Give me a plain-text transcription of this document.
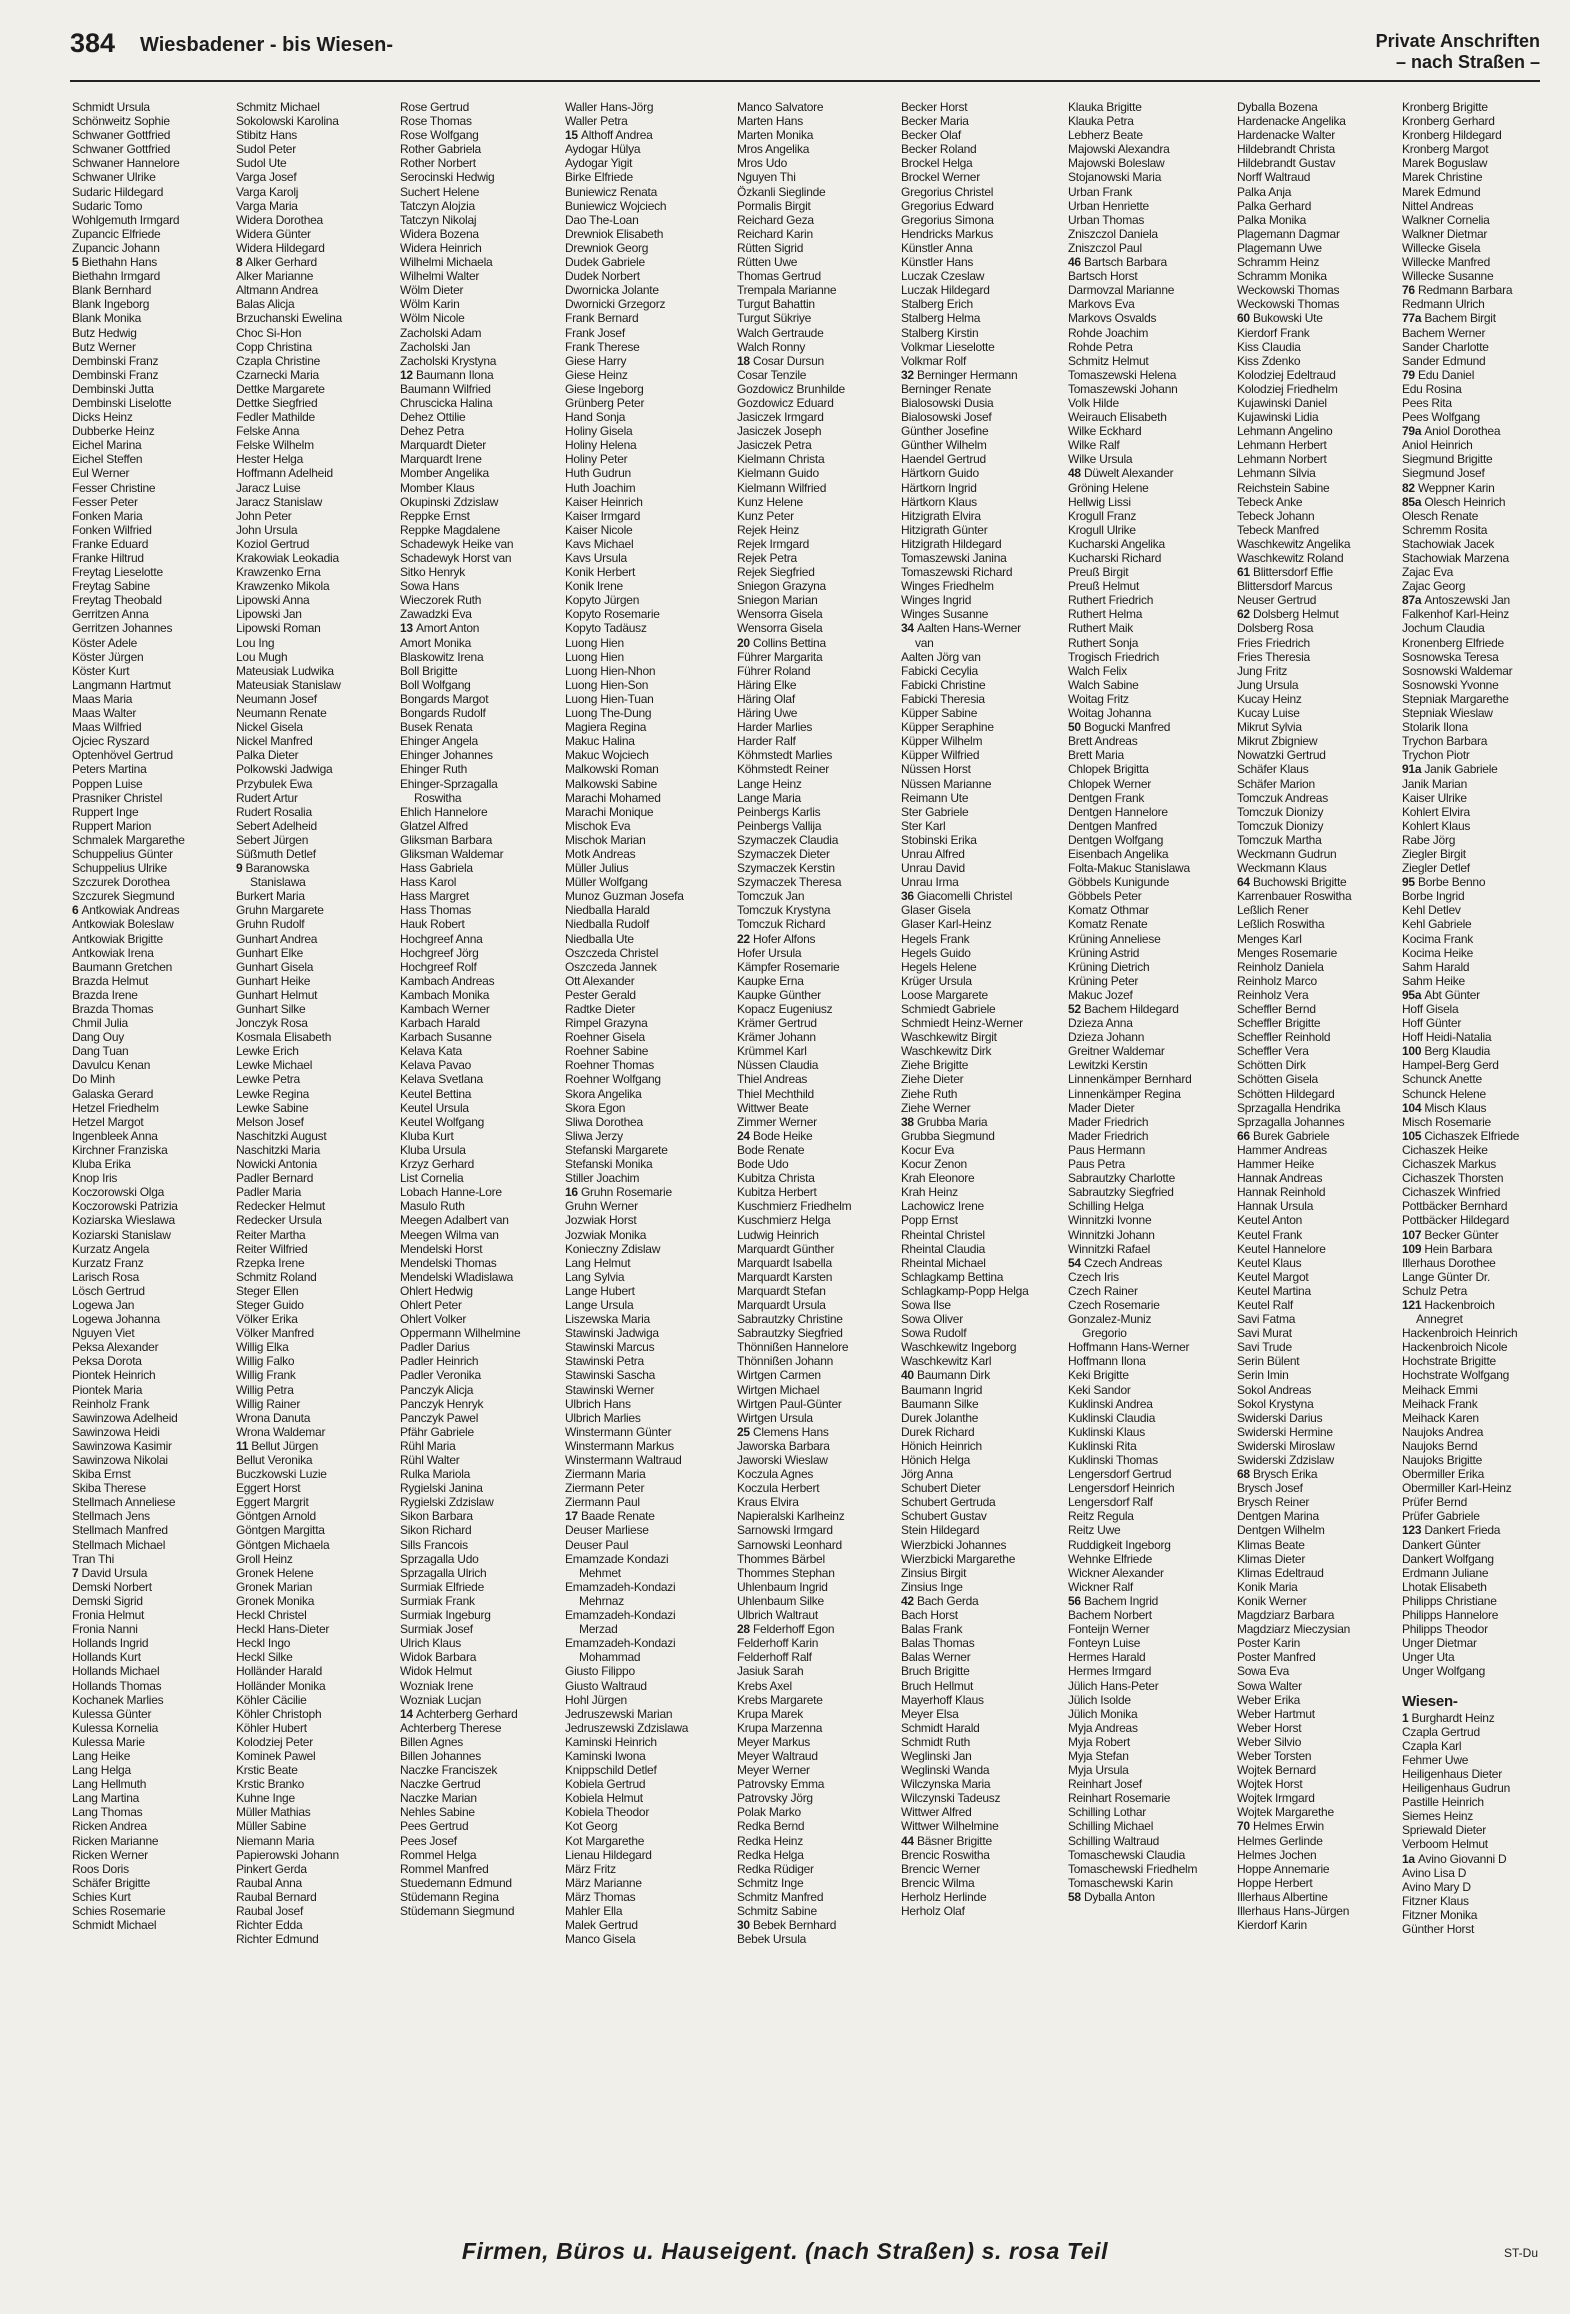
384 Wiesbadener - bis Wiesen-	Private Anschriften
– nach Straßen –
Schmidt Ursula
Schönweitz Sophie
Schwaner Gottfried
Schwaner Gottfried
Schwaner Hannelore
Schwaner Ulrike
Sudaric Hildegard
Sudaric Tomo
Wohlgemuth Irmgard
Zupancic Elfriede
Zupancic Johann
5 Biethahn Hans
Biethahn Irmgard
Blank Bernhard
Blank Ingeborg
Blank Monika
Butz Hedwig
Butz Werner
Dembinski Franz
Dembinski Franz
Dembinski Jutta
Dembinski Liselotte
Dicks Heinz
Dubberke Heinz
Eichel Marina
Eichel Steffen
Eul Werner
Fesser Christine
Fesser Peter
Fonken Maria
Fonken Wilfried
Franke Eduard
Franke Hiltrud
Freytag Lieselotte
Freytag Sabine
Freytag Theobald
Gerritzen Anna
Gerritzen Johannes
Köster Adele
Köster Jürgen
Köster Kurt
Langmann Hartmut
Maas Maria
Maas Walter
Maas Wilfried
Ojciec Ryszard
Optenhövel Gertrud
Peters Martina
Poppen Luise
Prasniker Christel
Ruppert Inge
Ruppert Marion
Schmalek Margarethe
Schuppelius Günter
Schuppelius Ulrike
Szczurek Dorothea
Szczurek Siegmund
6 Antkowiak Andreas
Antkowiak Boleslaw
Antkowiak Brigitte
Antkowiak Irena
Baumann Gretchen
Brazda Helmut
Brazda Irene
Brazda Thomas
Chmil Julia
Dang Ouy
Dang Tuan
Davulcu Kenan
Do Minh
Galaska Gerard
Hetzel Friedhelm
Hetzel Margot
Ingenbleek Anna
Kirchner Franziska
Kluba Erika
Knop Iris
Koczorowski Olga
Koczorowski Patrizia
Koziarska Wieslawa
Koziarski Stanislaw
Kurzatz Angela
Kurzatz Franz
Larisch Rosa
Lösch Gertrud
Logewa Jan
Logewa Johanna
Nguyen Viet
Peksa Alexander
Peksa Dorota
Piontek Heinrich
Piontek Maria
Reinholz Frank
Sawinzowa Adelheid
Sawinzowa Heidi
Sawinzowa Kasimir
Sawinzowa Nikolai
Skiba Ernst
Skiba Therese
Stellmach Anneliese
Stellmach Jens
Stellmach Manfred
Stellmach Michael
Tran Thi
7 David Ursula
Demski Norbert
Demski Sigrid
Fronia Helmut
Fronia Nanni
Hollands Ingrid
Hollands Kurt
Hollands Michael
Hollands Thomas
Kochanek Marlies
Kulessa Günter
Kulessa Kornelia
Kulessa Marie
Lang Heike
Lang Helga
Lang Hellmuth
Lang Martina
Lang Thomas
Ricken Andrea
Ricken Marianne
Ricken Werner
Roos Doris
Schäfer Brigitte
Schies Kurt
Schies Rosemarie
Schmidt Michael
Schmitz Michael
Sokolowski Karolina
Stibitz Hans
Sudol Peter
Sudol Ute
Varga Josef
Varga Karolj
Varga Maria
Widera Dorothea
Widera Günter
Widera Hildegard
8 Alker Gerhard
Alker Marianne
Altmann Andrea
Balas Alicja
Brzuchanski Ewelina
Choc Si-Hon
Copp Christina
Czapla Christine
Czarnecki Maria
Dettke Margarete
Dettke Siegfried
Fedler Mathilde
Felske Anna
Felske Wilhelm
Hester Helga
Hoffmann Adelheid
Jaracz Luise
Jaracz Stanislaw
John Peter
John Ursula
Koziol Gertrud
Krakowiak Leokadia
Krawzenko Erna
Krawzenko Mikola
Lipowski Anna
Lipowski Jan
Lipowski Roman
Lou Ing
Lou Mugh
Mateusiak Ludwika
Mateusiak Stanislaw
Neumann Josef
Neumann Renate
Nickel Gisela
Nickel Manfred
Palka Dieter
Polkowski Jadwiga
Przybulek Ewa
Rudert Artur
Rudert Rosalia
Sebert Adelheid
Sebert Jürgen
Süßmuth Detlef
9 Baranowska
Stanislawa
Burkert Maria
Gruhn Margarete
Gruhn Rudolf
Gunhart Andrea
Gunhart Elke
Gunhart Gisela
Gunhart Heike
Gunhart Helmut
Gunhart Silke
Jonczyk Rosa
Kosmala Elisabeth
Lewke Erich
Lewke Michael
Lewke Petra
Lewke Regina
Lewke Sabine
Melson Josef
Naschitzki August
Naschitzki Maria
Nowicki Antonia
Padler Bernard
Padler Maria
Redecker Helmut
Redecker Ursula
Reiter Martha
Reiter Wilfried
Rzepka Irene
Schmitz Roland
Steger Ellen
Steger Guido
Völker Erika
Völker Manfred
Willig Elka
Willig Falko
Willig Frank
Willig Petra
Willig Rainer
Wrona Danuta
Wrona Waldemar
11 Bellut Jürgen
Bellut Veronika
Buczkowski Luzie
Eggert Horst
Eggert Margrit
Göntgen Arnold
Göntgen Margitta
Göntgen Michaela
Groll Heinz
Gronek Helene
Gronek Marian
Gronek Monika
Heckl Christel
Heckl Hans-Dieter
Heckl Ingo
Heckl Silke
Holländer Harald
Holländer Monika
Köhler Cäcilie
Köhler Christoph
Köhler Hubert
Kolodziej Peter
Kominek Pawel
Krstic Beate
Krstic Branko
Kuhne Inge
Müller Mathias
Müller Sabine
Niemann Maria
Papierowski Johann
Pinkert Gerda
Raubal Anna
Raubal Bernard
Raubal Josef
Richter Edda
Richter Edmund
Rose Gertrud
Rose Thomas
Rose Wolfgang
Rother Gabriela
Rother Norbert
Serocinski Hedwig
Suchert Helene
Tatczyn Alojzia
Tatczyn Nikolaj
Widera Bozena
Widera Heinrich
Wilhelmi Michaela
Wilhelmi Walter
Wölm Dieter
Wölm Karin
Wölm Nicole
Zacholski Adam
Zacholski Jan
Zacholski Krystyna
12 Baumann Ilona
Baumann Wilfried
Chruscicka Halina
Dehez Ottilie
Dehez Petra
Marquardt Dieter
Marquardt Irene
Momber Angelika
Momber Klaus
Okupinski Zdzislaw
Reppke Ernst
Reppke Magdalene
Schadewyk Heike van
Schadewyk Horst van
Sitko Henryk
Sowa Hans
Wieczorek Ruth
Zawadzki Eva
13 Amort Anton
Amort Monika
Blaskowitz Irena
Boll Brigitte
Boll Wolfgang
Bongards Margot
Bongards Rudolf
Busek Renata
Ehinger Angela
Ehinger Johannes
Ehinger Ruth
Ehinger-Sprzagalla
Roswitha
Ehlich Hannelore
Glatzel Alfred
Gliksman Barbara
Gliksman Waldemar
Hass Gabriela
Hass Karol
Hass Margret
Hass Thomas
Hauk Robert
Hochgreef Anna
Hochgreef Jörg
Hochgreef Rolf
Kambach Andreas
Kambach Monika
Kambach Werner
Karbach Harald
Karbach Susanne
Kelava Kata
Kelava Pavao
Kelava Svetlana
Keutel Bettina
Keutel Ursula
Keutel Wolfgang
Kluba Kurt
Kluba Ursula
Krzyz Gerhard
List Cornelia
Lobach Hanne-Lore
Masulo Ruth
Meegen Adalbert van
Meegen Wilma van
Mendelski Horst
Mendelski Thomas
Mendelski Wladislawa
Ohlert Hedwig
Ohlert Peter
Ohlert Volker
Oppermann Wilhelmine
Padler Darius
Padler Heinrich
Padler Veronika
Panczyk Alicja
Panczyk Henryk
Panczyk Pawel
Pfähr Gabriele
Rühl Maria
Rühl Walter
Rulka Mariola
Rygielski Janina
Rygielski Zdzislaw
Sikon Barbara
Sikon Richard
Sills Francois
Sprzagalla Udo
Sprzagalla Ulrich
Surmiak Elfriede
Surmiak Frank
Surmiak Ingeburg
Surmiak Josef
Ulrich Klaus
Widok Barbara
Widok Helmut
Wozniak Irene
Wozniak Lucjan
14 Achterberg Gerhard
Achterberg Therese
Billen Agnes
Billen Johannes
Naczke Franciszek
Naczke Gertrud
Naczke Marian
Nehles Sabine
Pees Gertrud
Pees Josef
Rommel Helga
Rommel Manfred
Stuedemann Edmund
Stüdemann Regina
Stüdemann Siegmund
Waller Hans-Jörg
Waller Petra
15 Althoff Andrea
Aydogar Hülya
Aydogar Yigit
Birke Elfriede
Buniewicz Renata
Buniewicz Wojciech
Dao The-Loan
Drewniok Elisabeth
Drewniok Georg
Dudek Gabriele
Dudek Norbert
Dwornicka Jolante
Dwornicki Grzegorz
Frank Bernard
Frank Josef
Frank Therese
Giese Harry
Giese Heinz
Giese Ingeborg
Grünberg Peter
Hand Sonja
Holiny Gisela
Holiny Helena
Holiny Peter
Huth Gudrun
Huth Joachim
Kaiser Heinrich
Kaiser Irmgard
Kaiser Nicole
Kavs Michael
Kavs Ursula
Konik Herbert
Konik Irene
Kopyto Jürgen
Kopyto Rosemarie
Kopyto Tadäusz
Luong Hien
Luong Hien
Luong Hien-Nhon
Luong Hien-Son
Luong Hien-Tuan
Luong The-Dung
Magiera Regina
Makuc Halina
Makuc Wojciech
Malkowski Roman
Malkowski Sabine
Marachi Mohamed
Marachi Monique
Mischok Eva
Mischok Marian
Motk Andreas
Müller Julius
Müller Wolfgang
Munoz Guzman Josefa
Niedballa Harald
Niedballa Rudolf
Niedballa Ute
Oszczeda Christel
Oszczeda Jannek
Ott Alexander
Pester Gerald
Radtke Dieter
Rimpel Grazyna
Roehner Gisela
Roehner Sabine
Roehner Thomas
Roehner Wolfgang
Skora Angelika
Skora Egon
Sliwa Dorothea
Sliwa Jerzy
Stefanski Margarete
Stefanski Monika
Stiller Joachim
16 Gruhn Rosemarie
Gruhn Werner
Jozwiak Horst
Jozwiak Monika
Konieczny Zdislaw
Lang Helmut
Lang Sylvia
Lange Hubert
Lange Ursula
Liszewska Maria
Stawinski Jadwiga
Stawinski Marcus
Stawinski Petra
Stawinski Sascha
Stawinski Werner
Ulbrich Hans
Ulbrich Marlies
Winstermann Günter
Winstermann Markus
Winstermann Waltraud
Ziermann Maria
Ziermann Peter
Ziermann Paul
17 Baade Renate
Deuser Marliese
Deuser Paul
Emamzade Kondazi
Mehmet
Emamzadeh-Kondazi
Mehrnaz
Emamzadeh-Kondazi
Merzad
Emamzadeh-Kondazi
Mohammad
Giusto Filippo
Giusto Waltraud
Hohl Jürgen
Jedruszewski Marian
Jedruszewski Zdzislawa
Kaminski Heinrich
Kaminski Iwona
Knippschild Detlef
Kobiela Gertrud
Kobiela Helmut
Kobiela Theodor
Kot Georg
Kot Margarethe
Lienau Hildegard
März Fritz
März Marianne
März Thomas
Mahler Ella
Malek Gertrud
Manco Gisela
Manco Salvatore
Marten Hans
Marten Monika
Mros Angelika
Mros Udo
Nguyen Thi
Özkanli Sieglinde
Pormalis Birgit
Reichard Geza
Reichard Karin
Rütten Sigrid
Rütten Uwe
Thomas Gertrud
Trempala Marianne
Turgut Bahattin
Turgut Sükriye
Walch Gertraude
Walch Ronny
18 Cosar Dursun
Cosar Tenzile
Gozdowicz Brunhilde
Gozdowicz Eduard
Jasiczek Irmgard
Jasiczek Joseph
Jasiczek Petra
Kielmann Christa
Kielmann Guido
Kielmann Wilfried
Kunz Helene
Kunz Peter
Rejek Heinz
Rejek Irmgard
Rejek Petra
Rejek Siegfried
Sniegon Grazyna
Sniegon Marian
Wensorra Gisela
Wensorra Gisela
20 Collins Bettina
Führer Margarita
Führer Roland
Häring Elke
Häring Olaf
Häring Uwe
Harder Marlies
Harder Ralf
Köhmstedt Marlies
Köhmstedt Reiner
Lange Heinz
Lange Maria
Peinbergs Karlis
Peinbergs Vallija
Szymaczek Claudia
Szymaczek Dieter
Szymaczek Kerstin
Szymaczek Theresa
Tomczuk Jan
Tomczuk Krystyna
Tomczuk Richard
22 Hofer Alfons
Hofer Ursula
Kämpfer Rosemarie
Kaupke Erna
Kaupke Günther
Kopacz Eugeniusz
Krämer Gertrud
Krämer Johann
Krümmel Karl
Nüssen Claudia
Thiel Andreas
Thiel Mechthild
Wittwer Beate
Zimmer Werner
24 Bode Heike
Bode Renate
Bode Udo
Kubitza Christa
Kubitza Herbert
Kuschmierz Friedhelm
Kuschmierz Helga
Ludwig Heinrich
Marquardt Günther
Marquardt Isabella
Marquardt Karsten
Marquardt Stefan
Marquardt Ursula
Sabrautzky Christine
Sabrautzky Siegfried
Thönnißen Hannelore
Thönnißen Johann
Wirtgen Carmen
Wirtgen Michael
Wirtgen Paul-Günter
Wirtgen Ursula
25 Clemens Hans
Jaworska Barbara
Jaworski Wieslaw
Koczula Agnes
Koczula Herbert
Kraus Elvira
Napieralski Karlheinz
Sarnowski Irmgard
Sarnowski Leonhard
Thommes Bärbel
Thommes Stephan
Uhlenbaum Ingrid
Uhlenbaum Silke
Ulbrich Waltraut
28 Felderhoff Egon
Felderhoff Karin
Felderhoff Ralf
Jasiuk Sarah
Krebs Axel
Krebs Margarete
Krupa Marek
Krupa Marzenna
Meyer Markus
Meyer Waltraud
Meyer Werner
Patrovsky Emma
Patrovsky Jörg
Polak Marko
Redka Bernd
Redka Heinz
Redka Helga
Redka Rüdiger
Schmitz Inge
Schmitz Manfred
Schmitz Sabine
30 Bebek Bernhard
Bebek Ursula
Becker Horst
Becker Maria
Becker Olaf
Becker Roland
Brockel Helga
Brockel Werner
Gregorius Christel
Gregorius Edward
Gregorius Simona
Hendricks Markus
Künstler Anna
Künstler Hans
Luczak Czeslaw
Luczak Hildegard
Stalberg Erich
Stalberg Helma
Stalberg Kirstin
Volkmar Lieselotte
Volkmar Rolf
32 Berninger Hermann
Berninger Renate
Bialosowski Dusia
Bialosowski Josef
Günther Josefine
Günther Wilhelm
Haendel Gertrud
Härtkorn Guido
Härtkorn Ingrid
Härtkorn Klaus
Hitzigrath Elvira
Hitzigrath Günter
Hitzigrath Hildegard
Tomaszewski Janina
Tomaszewski Richard
Winges Friedhelm
Winges Ingrid
Winges Susanne
34 Aalten Hans-Werner
van
Aalten Jörg van
Fabicki Cecylia
Fabicki Christine
Fabicki Theresia
Küpper Sabine
Küpper Seraphine
Küpper Wilhelm
Küpper Wilfried
Nüssen Horst
Nüssen Marianne
Reimann Ute
Ster Gabriele
Ster Karl
Stobinski Erika
Unrau Alfred
Unrau David
Unrau Irma
36 Giacomelli Christel
Glaser Gisela
Glaser Karl-Heinz
Hegels Frank
Hegels Guido
Hegels Helene
Krüger Ursula
Loose Margarete
Schmiedt Gabriele
Schmiedt Heinz-Werner
Waschkewitz Birgit
Waschkewitz Dirk
Ziehe Brigitte
Ziehe Dieter
Ziehe Ruth
Ziehe Werner
38 Grubba Maria
Grubba Siegmund
Kocur Eva
Kocur Zenon
Krah Eleonore
Krah Heinz
Lachowicz Irene
Popp Ernst
Rheintal Christel
Rheintal Claudia
Rheintal Michael
Schlagkamp Bettina
Schlagkamp-Popp Helga
Sowa Ilse
Sowa Oliver
Sowa Rudolf
Waschkewitz Ingeborg
Waschkewitz Karl
40 Baumann Dirk
Baumann Ingrid
Baumann Silke
Durek Jolanthe
Durek Richard
Hönich Heinrich
Hönich Helga
Jörg Anna
Schubert Dieter
Schubert Gertruda
Schubert Gustav
Stein Hildegard
Wierzbicki Johannes
Wierzbicki Margarethe
Zinsius Birgit
Zinsius Inge
42 Bach Gerda
Bach Horst
Balas Frank
Balas Thomas
Balas Werner
Bruch Brigitte
Bruch Hellmut
Mayerhoff Klaus
Meyer Elsa
Schmidt Harald
Schmidt Ruth
Weglinski Jan
Weglinski Wanda
Wilczynska Maria
Wilczynski Tadeusz
Wittwer Alfred
Wittwer Wilhelmine
44 Bäsner Brigitte
Brencic Roswitha
Brencic Werner
Brencic Wilma
Herholz Herlinde
Herholz Olaf
Klauka Brigitte
Klauka Petra
Lebherz Beate
Majowski Alexandra
Majowski Boleslaw
Stojanowski Maria
Urban Frank
Urban Henriette
Urban Thomas
Zniszczol Daniela
Zniszczol Paul
46 Bartsch Barbara
Bartsch Horst
Darmovzal Marianne
Markovs Eva
Markovs Osvalds
Rohde Joachim
Rohde Petra
Schmitz Helmut
Tomaszewski Helena
Tomaszewski Johann
Volk Hilde
Weirauch Elisabeth
Wilke Eckhard
Wilke Ralf
Wilke Ursula
48 Düwelt Alexander
Gröning Helene
Hellwig Lissi
Krogull Franz
Krogull Ulrike
Kucharski Angelika
Kucharski Richard
Preuß Birgit
Preuß Helmut
Ruthert Friedrich
Ruthert Helma
Ruthert Maik
Ruthert Sonja
Trogisch Friedrich
Walch Felix
Walch Sabine
Woitag Fritz
Woitag Johanna
50 Bogucki Manfred
Brett Andreas
Brett Maria
Chlopek Brigitta
Chlopek Werner
Dentgen Frank
Dentgen Hannelore
Dentgen Manfred
Dentgen Wolfgang
Eisenbach Angelika
Folta-Makuc Stanislawa
Göbbels Kunigunde
Göbbels Peter
Komatz Othmar
Komatz Renate
Krüning Anneliese
Krüning Astrid
Krüning Dietrich
Krüning Peter
Makuc Jozef
52 Bachem Hildegard
Dzieza Anna
Dzieza Johann
Greitner Waldemar
Lewitzki Kerstin
Linnenkämper Bernhard
Linnenkämper Regina
Mader Dieter
Mader Friedrich
Mader Friedrich
Paus Hermann
Paus Petra
Sabrautzky Charlotte
Sabrautzky Siegfried
Schilling Helga
Winnitzki Ivonne
Winnitzki Johann
Winnitzki Rafael
54 Czech Andreas
Czech Iris
Czech Rainer
Czech Rosemarie
Gonzalez-Muniz
Gregorio
Hoffmann Hans-Werner
Hoffmann Ilona
Keki Brigitte
Keki Sandor
Kuklinski Andrea
Kuklinski Claudia
Kuklinski Klaus
Kuklinski Rita
Kuklinski Thomas
Lengersdorf Gertrud
Lengersdorf Heinrich
Lengersdorf Ralf
Reitz Regula
Reitz Uwe
Ruddigkeit Ingeborg
Wehnke Elfriede
Wickner Alexander
Wickner Ralf
56 Bachem Ingrid
Bachem Norbert
Fonteijn Werner
Fonteyn Luise
Hermes Harald
Hermes Irmgard
Jülich Hans-Peter
Jülich Isolde
Jülich Monika
Myja Andreas
Myja Robert
Myja Stefan
Myja Ursula
Reinhart Josef
Reinhart Rosemarie
Schilling Lothar
Schilling Michael
Schilling Waltraud
Tomaschewski Claudia
Tomaschewski Friedhelm
Tomaschewski Karin
58 Dyballa Anton
Dyballa Bozena
Hardenacke Angelika
Hardenacke Walter
Hildebrandt Christa
Hildebrandt Gustav
Norff Waltraud
Palka Anja
Palka Gerhard
Palka Monika
Plagemann Dagmar
Plagemann Uwe
Schramm Heinz
Schramm Monika
Weckowski Thomas
Weckowski Thomas
60 Bukowski Ute
Kierdorf Frank
Kiss Claudia
Kiss Zdenko
Kolodziej Edeltraud
Kolodziej Friedhelm
Kujawinski Daniel
Kujawinski Lidia
Lehmann Angelino
Lehmann Herbert
Lehmann Norbert
Lehmann Silvia
Reichstein Sabine
Tebeck Anke
Tebeck Johann
Tebeck Manfred
Waschkewitz Angelika
Waschkewitz Roland
61 Blittersdorf Effie
Blittersdorf Marcus
Neuser Gertrud
62 Dolsberg Helmut
Dolsberg Rosa
Fries Friedrich
Fries Theresia
Jung Fritz
Jung Ursula
Kucay Heinz
Kucay Luise
Mikrut Sylvia
Mikrut Zbigniew
Nowatzki Gertrud
Schäfer Klaus
Schäfer Marion
Tomczuk Andreas
Tomczuk Dionizy
Tomczuk Dionizy
Tomczuk Martha
Weckmann Gudrun
Weckmann Klaus
64 Buchowski Brigitte
Karrenbauer Roswitha
Leßlich Rener
Leßlich Roswitha
Menges Karl
Menges Rosemarie
Reinholz Daniela
Reinholz Marco
Reinholz Vera
Scheffler Bernd
Scheffler Brigitte
Scheffler Reinhold
Scheffler Vera
Schötten Dirk
Schötten Gisela
Schötten Hildegard
Sprzagalla Hendrika
Sprzagalla Johannes
66 Burek Gabriele
Hammer Andreas
Hammer Heike
Hannak Andreas
Hannak Reinhold
Hannak Ursula
Keutel Anton
Keutel Frank
Keutel Hannelore
Keutel Klaus
Keutel Margot
Keutel Martina
Keutel Ralf
Savi Fatma
Savi Murat
Savi Trude
Serin Bülent
Serin Imin
Sokol Andreas
Sokol Krystyna
Swiderski Darius
Swiderski Hermine
Swiderski Miroslaw
Swiderski Zdzislaw
68 Brysch Erika
Brysch Josef
Brysch Reiner
Dentgen Marina
Dentgen Wilhelm
Klimas Beate
Klimas Dieter
Klimas Edeltraud
Konik Maria
Konik Werner
Magdziarz Barbara
Magdziarz Mieczysian
Poster Karin
Poster Manfred
Sowa Eva
Sowa Walter
Weber Erika
Weber Hartmut
Weber Horst
Weber Silvio
Weber Torsten
Wojtek Bernard
Wojtek Horst
Wojtek Irmgard
Wojtek Margarethe
70 Helmes Erwin
Helmes Gerlinde
Helmes Jochen
Hoppe Annemarie
Hoppe Herbert
Illerhaus Albertine
Illerhaus Hans-Jürgen
Kierdorf Karin
Kronberg Brigitte
Kronberg Gerhard
Kronberg Hildegard
Kronberg Margot
Marek Boguslaw
Marek Christine
Marek Edmund
Nittel Andreas
Walkner Cornelia
Walkner Dietmar
Willecke Gisela
Willecke Manfred
Willecke Susanne
76 Redmann Barbara
Redmann Ulrich
77a Bachem Birgit
Bachem Werner
Sander Charlotte
Sander Edmund
79 Edu Daniel
Edu Rosina
Pees Rita
Pees Wolfgang
79a Aniol Dorothea
Aniol Heinrich
Siegmund Brigitte
Siegmund Josef
82 Weppner Karin
85a Olesch Heinrich
Olesch Renate
Schremm Rosita
Stachowiak Jacek
Stachowiak Marzena
Zajac Eva
Zajac Georg
87a Antoszewski Jan
Falkenhof Karl-Heinz
Jochum Claudia
Kronenberg Elfriede
Sosnowska Teresa
Sosnowski Waldemar
Sosnowski Yvonne
Stepniak Margarethe
Stepniak Wieslaw
Stolarik Ilona
Trychon Barbara
Trychon Piotr
91a Janik Gabriele
Janik Marian
Kaiser Ulrike
Kohlert Elvira
Kohlert Klaus
Rabe Jörg
Ziegler Birgit
Ziegler Detlef
95 Borbe Benno
Borbe Ingrid
Kehl Detlev
Kehl Gabriele
Kocima Frank
Kocima Heike
Sahm Harald
Sahm Heike
95a Abt Günter
Hoff Gisela
Hoff Günter
Hoff Heidi-Natalia
100 Berg Klaudia
Hampel-Berg Gerd
Schunck Anette
Schunck Helene
104 Misch Klaus
Misch Rosemarie
105 Cichaszek Elfriede
Cichaszek Heike
Cichaszek Markus
Cichaszek Thorsten
Cichaszek Winfried
Pottbäcker Bernhard
Pottbäcker Hildegard
107 Becker Günter
109 Hein Barbara
Illerhaus Dorothee
Lange Günter Dr.
Schulz Petra
121 Hackenbroich
Annegret
Hackenbroich Heinrich
Hackenbroich Nicole
Hochstrate Brigitte
Hochstrate Wolfgang
Meihack Emmi
Meihack Frank
Meihack Karen
Naujoks Andrea
Naujoks Bernd
Naujoks Brigitte
Obermiller Erika
Obermiller Karl-Heinz
Prüfer Bernd
Prüfer Gabriele
123 Dankert Frieda
Dankert Günter
Dankert Wolfgang
Erdmann Juliane
Lhotak Elisabeth
Philipps Christiane
Philipps Hannelore
Philipps Theodor
Unger Dietmar
Unger Uta
Unger Wolfgang

Wiesen-
1 Burghardt Heinz
Czapla Gertrud
Czapla Karl
Fehmer Uwe
Heiligenhaus Dieter
Heiligenhaus Gudrun
Pastille Heinrich
Siemes Heinz
Spriewald Dieter
Verboom Helmut
1a Avino Giovanni D
Avino Lisa D
Avino Mary D
Fitzner Klaus
Fitzner Monika
Günther Horst
Firmen, Büros u. Hauseigent. (nach Straßen) s. rosa Teil	ST-Du
